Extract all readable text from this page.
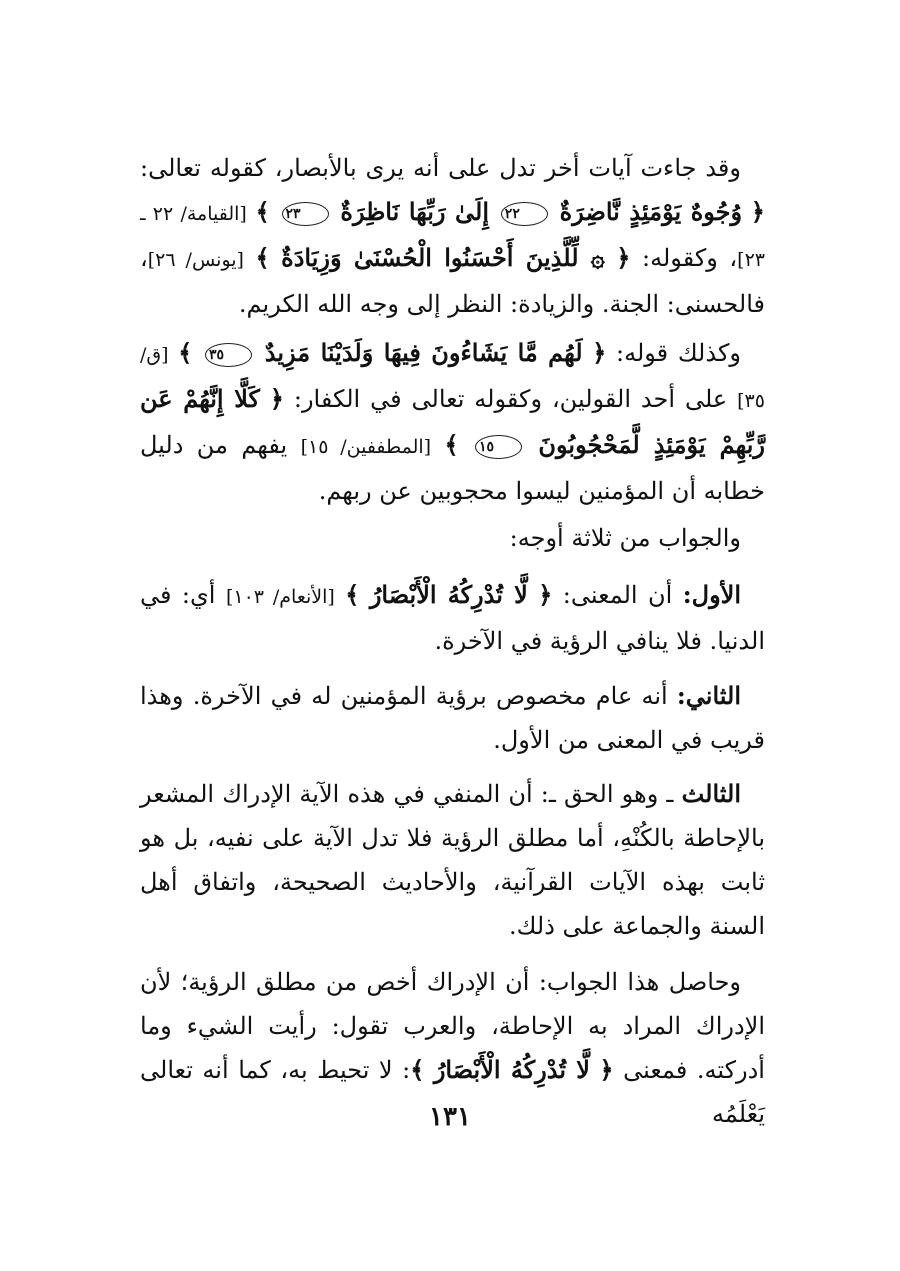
وقد جاءت آيات أخر تدل على أنه يرى بالأبصار، كقوله تعالى: ﴿ وُجُوهٌ يَوْمَئِذٍ نَّاضِرَةٌ ٢٢ إِلَىٰ رَبِّهَا نَاظِرَةٌ ٢٣ ﴾ [القيامة/ ٢٢ ـ ٢٣]، وكقوله: ﴿ ۞ لِّلَّذِينَ أَحْسَنُوا الْحُسْنَىٰ وَزِيَادَةٌ ﴾ [يونس/ ٢٦]، فالحسنى: الجنة. والزيادة: النظر إلى وجه الله الكريم.
وكذلك قوله: ﴿ لَهُم مَّا يَشَاءُونَ فِيهَا وَلَدَيْنَا مَزِيدٌ ٣٥ ﴾ [ق/ ٣٥] على أحد القولين، وكقوله تعالى في الكفار: ﴿ كَلَّا إِنَّهُمْ عَن رَّبِّهِمْ يَوْمَئِذٍ لَّمَحْجُوبُونَ ١٥ ﴾ [المطففين/ ١٥] يفهم من دليل خطابه أن المؤمنين ليسوا محجوبين عن ربهم.
والجواب من ثلاثة أوجه:
الأول: أن المعنى: ﴿ لَّا تُدْرِكُهُ الْأَبْصَارُ ﴾ [الأنعام/ ١٠٣] أي: في الدنيا. فلا ينافي الرؤية في الآخرة.
الثاني: أنه عام مخصوص برؤية المؤمنين له في الآخرة. وهذا قريب في المعنى من الأول.
الثالث ـ وهو الحق ـ: أن المنفي في هذه الآية الإدراك المشعر بالإحاطة بالكُنْهِ، أما مطلق الرؤية فلا تدل الآية على نفيه، بل هو ثابت بهذه الآيات القرآنية، والأحاديث الصحيحة، واتفاق أهل السنة والجماعة على ذلك.
وحاصل هذا الجواب: أن الإدراك أخص من مطلق الرؤية؛ لأن الإدراك المراد به الإحاطة، والعرب تقول: رأيت الشيء وما أدركته. فمعنى ﴿ لَّا تُدْرِكُهُ الْأَبْصَارُ ﴾: لا تحيط به، كما أنه تعالى يَعْلَمُه
١٣١
